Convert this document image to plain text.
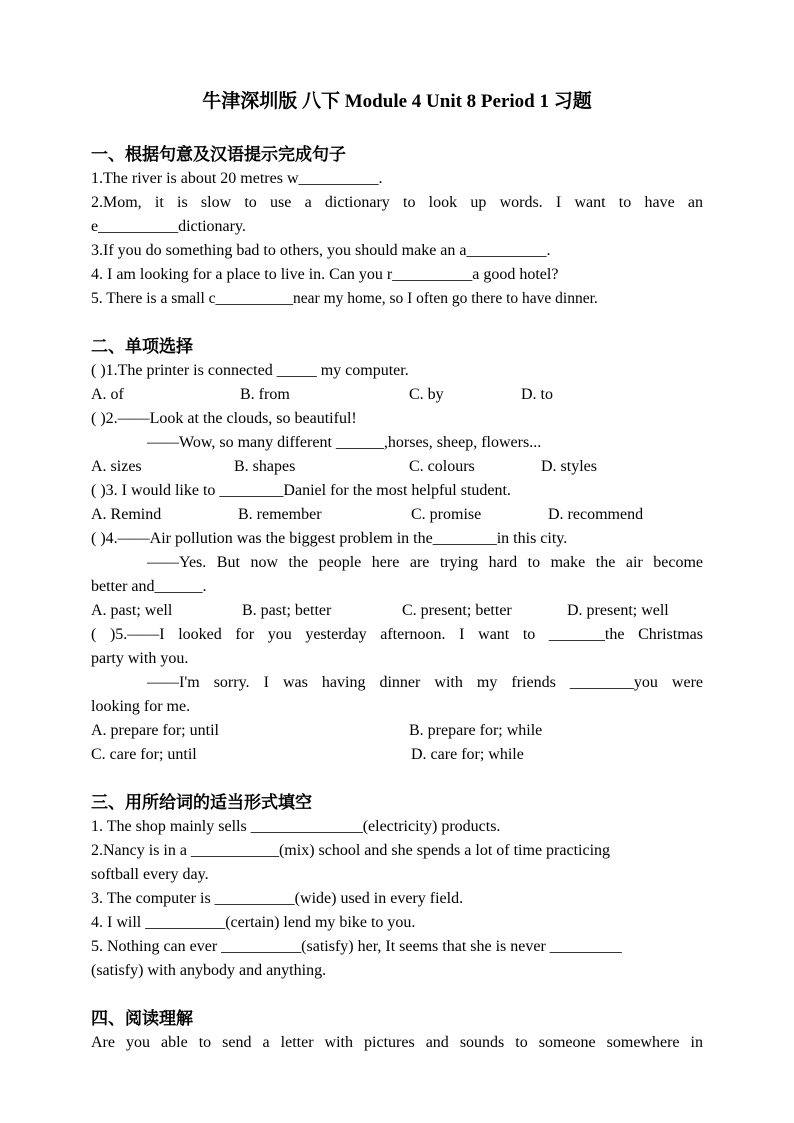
牛津深圳版 八下 Module 4 Unit 8 Period 1 习题
一、根据句意及汉语提示完成句子
1.The river is about 20 metres w__________.
2.Mom, it is slow to use a dictionary to look up words. I want to have an
e__________dictionary.
3.If you do something bad to others, you should make an a__________.
4. I am looking for a place to live in. Can you r__________a good hotel?
5. There is a small c__________near my home, so I often go there to have dinner.
二、单项选择
( )1.The printer is connected _____ my computer.
A. of	B. from	C. by	D. to
( )2.——Look at the clouds, so beautiful!
——Wow, so many different ______,horses, sheep, flowers...
A. sizes	B. shapes	C. colours	D. styles
( )3. I would like to ________Daniel for the most helpful student.
A. Remind	B. remember	C. promise	D. recommend
( )4.——Air pollution was the biggest problem in the________in this city.
——Yes. But now the people here are trying hard to make the air become
better and______.
A. past; well	B. past; better	C. present; better	D. present; well
( )5.——I looked for you yesterday afternoon. I want to _______the Christmas
party with you.
——I'm sorry. I was having dinner with my friends ________you were
looking for me.
A. prepare for; until	B. prepare for; while
C. care for; until	D. care for; while
三、用所给词的适当形式填空
1. The shop mainly sells ______________(electricity) products.
2.Nancy is in a ___________(mix) school and she spends a lot of time practicing
softball every day.
3. The computer is __________(wide) used in every field.
4. I will __________(certain) lend my bike to you.
5. Nothing can ever __________(satisfy) her, It seems that she is never _________
(satisfy) with anybody and anything.
四、阅读理解
Are you able to send a letter with pictures and sounds to someone somewhere in
